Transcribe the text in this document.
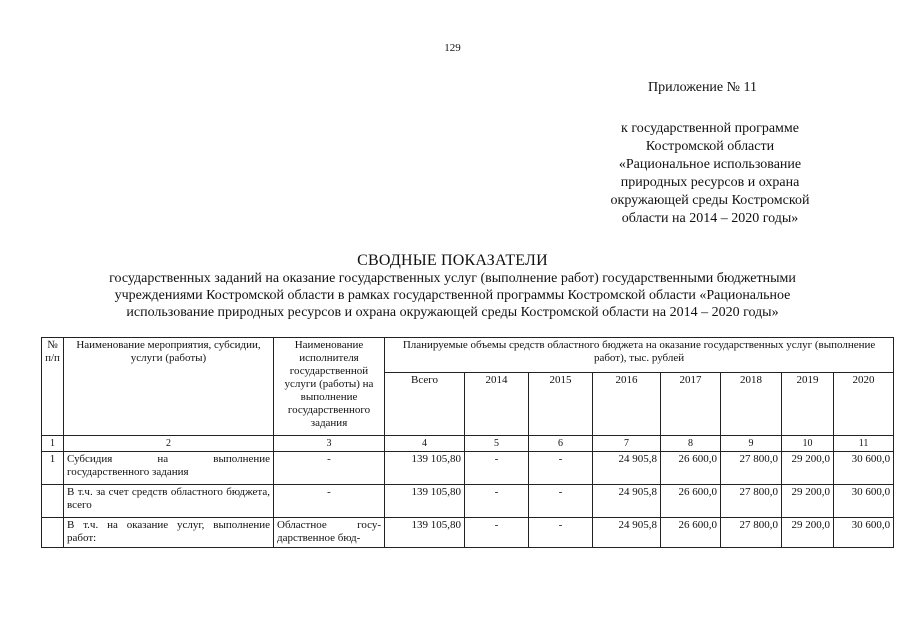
129
Приложение № 11
к государственной программе
Костромской области
«Рациональное использование
природных ресурсов и охрана
окружающей среды Костромской
области на 2014 – 2020 годы»
СВОДНЫЕ ПОКАЗАТЕЛИ
государственных заданий на оказание государственных услуг (выполнение работ) государственными бюджетными
учреждениями Костромской области в рамках государственной программы Костромской области «Рациональное
использование природных ресурсов и охрана окружающей среды Костромской области на 2014 – 2020 годы»
№ п/п	Наименование мероприятия, субсидии, услуги (работы)	Наименование исполнителя государственной услуги (работы) на выполнение государственного задания	Планируемые объемы средств областного бюджета на оказание государственных услуг (выполнение работ), тыс. рублей							
			Всего	2014	2015	2016	2017	2018	2019	2020
1	2	3	4	5	6	7	8	9	10	11
1	Субсидия на выполнение государственного задания	-	139 105,80	-	-	24 905,8	26 600,0	27 800,0	29 200,0	30 600,0
	В т.ч. за счет средств областного бюджета, всего	-	139 105,80	-	-	24 905,8	26 600,0	27 800,0	29 200,0	30 600,0
	В т.ч. на оказание услуг, выполнение работ:	Областное госу- дарственное бюд-	139 105,80	-	-	24 905,8	26 600,0	27 800,0	29 200,0	30 600,0
